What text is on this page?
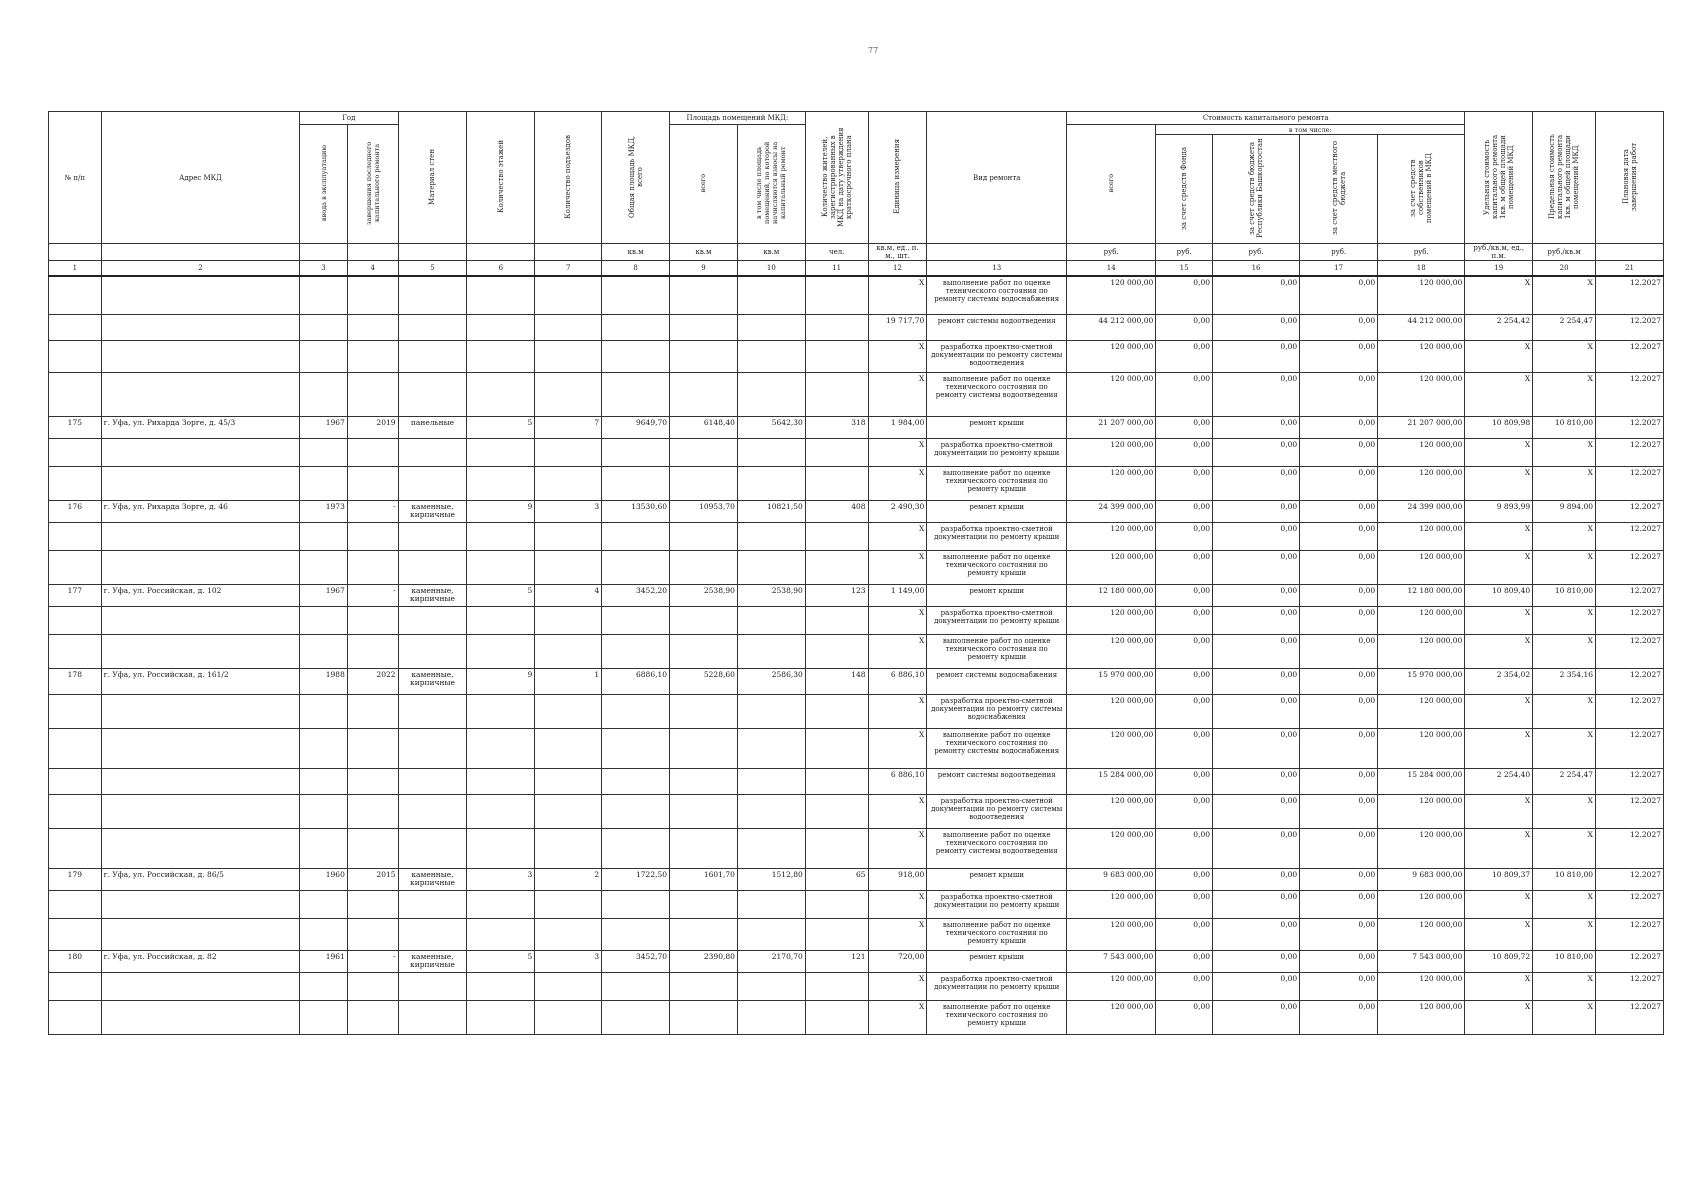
77
№ п/п	Адрес МКД	Год		Материал стен	Количество этажей	Количество подъездов	Общая площадь МКД, всего	Площадь помещений МКД:		Количество жителей, зарегистрированных в МКД на дату утверждения краткосрочного плана	Единица измерения	Вид ремонта	Стоимость капитального ремонта					Удельная стоимость капитального ремонта 1кв. м общей площади помещений МКД	Предельная стоимость капитального ремонта 1кв. м общей площади помещений МКД	Плановая дата завершения работ
		ввода в эксплуатацию	завершения последнего капитального ремонта					всего	в том числе площадь помещений, по которой начисляются взносы на капитальный ремонт				всего	в том числе:						
														за счет средств Фонда	за счет средств бюджета Республики Башкортостан	за счет средств местного бюджета	за счет средств собственников помещений в МКД			
							кв.м	кв.м	кв.м	чел.	кв.м, ед., п. м., шт.		руб.	руб.	руб.	руб.	руб.	руб./кв.м, ед., п.м.	руб./кв.м	
1	2	3	4	5	6	7	8	9	10	11	12	13	14	15	16	17	18	19	20	21
											X	выполнение работ по оценке технического состояния по ремонту системы водоснабжения	120 000,00	0,00	0,00	0,00	120 000,00	X	X	12.2027
											19 717,70	ремонт системы водоотведения	44 212 000,00	0,00	0,00	0,00	44 212 000,00	2 254,42	2 254,47	12.2027
											X	разработка проектно-сметной документации по ремонту системы водоотведения	120 000,00	0,00	0,00	0,00	120 000,00	X	X	12.2027
											X	выполнение работ по оценке технического состояния по ремонту системы водоотведения	120 000,00	0,00	0,00	0,00	120 000,00	X	X	12.2027
175	г. Уфа, ул. Рихарда Зорге, д. 45/3	1967	2019	панельные	5	7	9649,70	6148,40	5642,30	318	1 984,00	ремонт крыши	21 207 000,00	0,00	0,00	0,00	21 207 000,00	10 809,98	10 810,00	12.2027
											X	разработка проектно-сметной документации по ремонту крыши	120 000,00	0,00	0,00	0,00	120 000,00	X	X	12.2027
											X	выполнение работ по оценке технического состояния по ремонту крыши	120 000,00	0,00	0,00	0,00	120 000,00	X	X	12.2027
176	г. Уфа, ул. Рихарда Зорге, д. 46	1973	-	каменные, кирпичные	9	3	13530,60	10953,70	10821,50	408	2 490,30	ремонт крыши	24 399 000,00	0,00	0,00	0,00	24 399 000,00	9 893,99	9 894,00	12.2027
											X	разработка проектно-сметной документации по ремонту крыши	120 000,00	0,00	0,00	0,00	120 000,00	X	X	12.2027
											X	выполнение работ по оценке технического состояния по ремонту крыши	120 000,00	0,00	0,00	0,00	120 000,00	X	X	12.2027
177	г. Уфа, ул. Российская, д. 102	1967	-	каменные, кирпичные	5	4	3452,20	2538,90	2538,90	123	1 149,00	ремонт крыши	12 180 000,00	0,00	0,00	0,00	12 180 000,00	10 809,40	10 810,00	12.2027
											X	разработка проектно-сметной документации по ремонту крыши	120 000,00	0,00	0,00	0,00	120 000,00	X	X	12.2027
											X	выполнение работ по оценке технического состояния по ремонту крыши	120 000,00	0,00	0,00	0,00	120 000,00	X	X	12.2027
178	г. Уфа, ул. Российская, д. 161/2	1988	2022	каменные, кирпичные	9	1	6886,10	5228,60	2586,30	148	6 886,10	ремонт системы водоснабжения	15 970 000,00	0,00	0,00	0,00	15 970 000,00	2 354,02	2 354,16	12.2027
											X	разработка проектно-сметной документации по ремонту системы водоснабжения	120 000,00	0,00	0,00	0,00	120 000,00	X	X	12.2027
											X	выполнение работ по оценке технического состояния по ремонту системы водоснабжения	120 000,00	0,00	0,00	0,00	120 000,00	X	X	12.2027
											6 886,10	ремонт системы водоотведения	15 284 000,00	0,00	0,00	0,00	15 284 000,00	2 254,40	2 254,47	12.2027
											X	разработка проектно-сметной документации по ремонту системы водоотведения	120 000,00	0,00	0,00	0,00	120 000,00	X	X	12.2027
											X	выполнение работ по оценке технического состояния по ремонту системы водоотведения	120 000,00	0,00	0,00	0,00	120 000,00	X	X	12.2027
179	г. Уфа, ул. Российская, д. 86/5	1960	2015	каменные, кирпичные	3	2	1722,50	1601,70	1512,80	65	918,00	ремонт крыши	9 683 000,00	0,00	0,00	0,00	9 683 000,00	10 809,37	10 810,00	12.2027
											X	разработка проектно-сметной документации по ремонту крыши	120 000,00	0,00	0,00	0,00	120 000,00	X	X	12.2027
											X	выполнение работ по оценке технического состояния по ремонту крыши	120 000,00	0,00	0,00	0,00	120 000,00	X	X	12.2027
180	г. Уфа, ул. Российская, д. 82	1961	-	каменные, кирпичные	5	3	3452,70	2390,80	2170,70	121	720,00	ремонт крыши	7 543 000,00	0,00	0,00	0,00	7 543 000,00	10 809,72	10 810,00	12.2027
											X	разработка проектно-сметной документации по ремонту крыши	120 000,00	0,00	0,00	0,00	120 000,00	X	X	12.2027
											X	выполнение работ по оценке технического состояния по ремонту крыши	120 000,00	0,00	0,00	0,00	120 000,00	X	X	12.2027
